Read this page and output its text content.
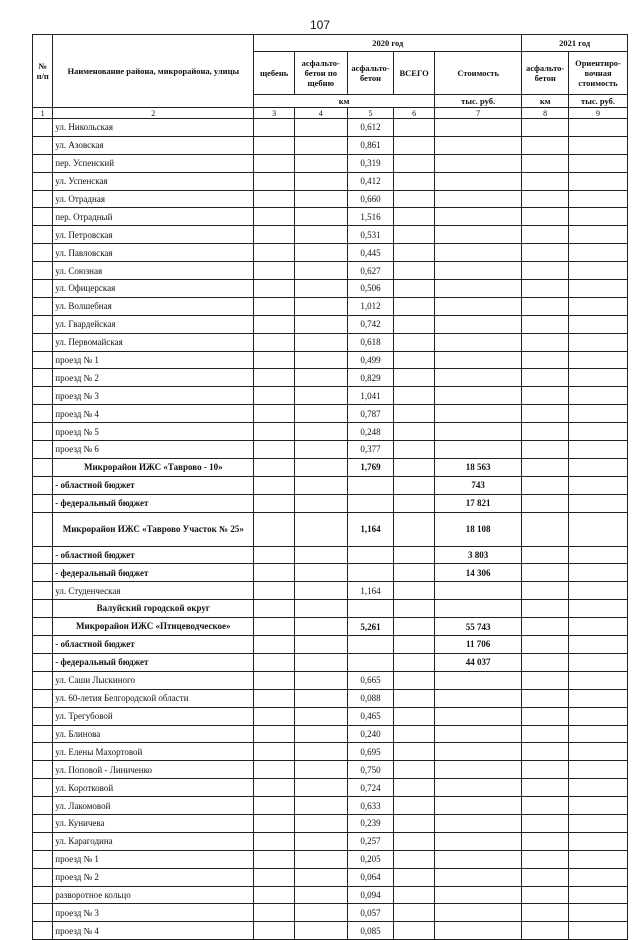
107
№ п/п	Наименование района, микрорайона, улицы	2020 год					2021 год	
		щебень	асфальто-бетон по щебню	асфальто-бетон	ВСЕГО	Стоимость	асфальто-бетон	Ориентиро-вочная стоимость
		км				тыс. руб.	км	тыс. руб.
1	2	3	4	5	6	7	8	9
	ул. Никольская			0,612				
	ул. Азовская			0,861				
	пер. Успенский			0,319				
	ул. Успенская			0,412				
	ул. Отрадная			0,660				
	пер. Отрадный			1,516				
	ул. Петровская			0,531				
	ул. Павловская			0,445				
	ул. Союзная			0,627				
	ул. Офицерская			0,506				
	ул. Волшебная			1,012				
	ул. Гвардейская			0,742				
	ул. Первомайская			0,618				
	проезд № 1			0,499				
	проезд № 2			0,829				
	проезд № 3			1,041				
	проезд № 4			0,787				
	проезд № 5			0,248				
	проезд № 6			0,377				
	Микрорайон ИЖС «Таврово - 10»			1,769		18 563		
	- областной бюджет					743		
	- федеральный бюджет					17 821		
	Микрорайон ИЖС «Таврово Участок № 25»			1,164		18 108		
	- областной бюджет					3 803		
	- федеральный бюджет					14 306		
	ул. Студенческая			1,164				
	Валуйский городской округ							
	Микрорайон ИЖС «Птицеводческое»			5,261		55 743		
	- областной бюджет					11 706		
	- федеральный бюджет					44 037		
	ул. Саши Лыскиного			0,665				
	ул. 60-летия Белгородской области			0,088				
	ул. Трегубовой			0,465				
	ул. Блинова			0,240				
	ул. Елены Махортовой			0,695				
	ул. Поповой - Линиченко			0,750				
	ул. Коротковой			0,724				
	ул. Лакомовой			0,633				
	ул. Куничева			0,239				
	ул. Карагодина			0,257				
	проезд № 1			0,205				
	проезд № 2			0,064				
	разворотное кольцо			0,094				
	проезд № 3			0,057				
	проезд № 4			0,085				
